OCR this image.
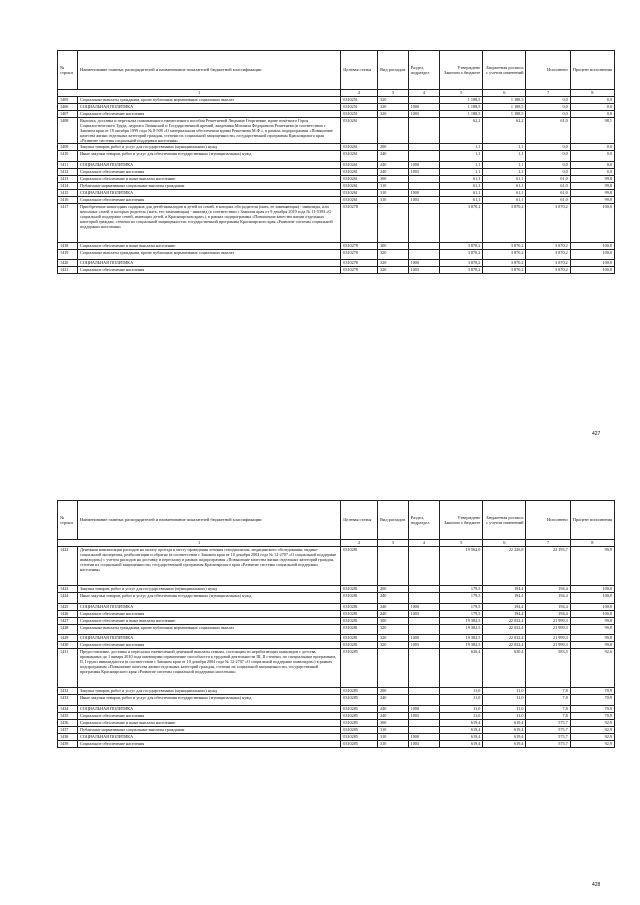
№ строки	Наименование главных распорядителей и наименование показателей бюджетной классификации	Целевая статья	Вид расходов	Раздел, подраздел	Утверждено Законом о бюджете	Бюджетная роспись с учетом изменений	Исполнено	Процент исполнения
1		2	3	4	5	6	7	8
1405	Социальные выплаты гражданам, кроме публичных нормативных социальных выплат	0310251	320		1 188,5	1 188,5	0,0	0,0
1406	СОЦИАЛЬНАЯ ПОЛИТИКА	0310251	320	1000	1 188,5	1 188,5	0,0	0,0
1407	Социальное обеспечение населения	0310251	320	1003	1 188,5	1 188,5	0,0	0,0
1408	Выплата, доставка и пересылка пожизненного ежемесячного пособия Решетневой Людмиле Георгиевне, вдове почётного Героя Социалистического Труда, лауреата Ленинской и Государственной премий, академика Михаила Федоровича Решетнева (в соответствии с Законом края от 18 октября 1999 года № 8-508 «О материальном обеспечении вдовы Решетнева М.Ф.», в рамках подпрограммы «Повышение качества жизни отдельных категорий граждан, степени их социальной защищенности» государственной программы Красноярского края «Развитие системы социальной поддержки населения»	0310261			62,2	62,2	61,0	98,1
1409	Закупка товаров, работ и услуг для государственных (муниципальных) нужд	0310261	200		1,1	1,1	0,0	0,0
1410	Иные закупки товаров, работ и услуг для обеспечения государственных (муниципальных) нужд	0310261	240		1,1	1,1	0,0	0,0
1411	СОЦИАЛЬНАЯ ПОЛИТИКА	0310261	240	1000	1,1	1,1	0,0	0,0
1412	Социальное обеспечение населения	0310261	240	1003	1,1	1,1	0,0	0,0
1413	Социальное обеспечение и иные выплаты населению	0310261	300		61,1	61,1	61,0	99,8
1414	Публичные нормативные социальные выплаты гражданам	0310261	310		61,1	61,1	61,0	99,8
1415	СОЦИАЛЬНАЯ ПОЛИТИКА	0310261	310	1000	61,1	61,1	61,0	99,8
1416	Социальное обеспечение населения	0310261	310	1003	61,1	61,1	61,0	99,8
1417	Приобретение новогодних подарков для детей-инвалидов и детей из семей, в которых оба родителя (мать, ее заменяющая) - инвалиды, или неполных семей, в которых родитель (мать, его заменяющая) - инвалид (в соответствии с Законом края от 9 декабря 2010 года № 11-5393 «О социальной поддержке семей, имеющих детей, в Красноярском крае»), в рамках подпрограммы «Повышение качества жизни отдельных категорий граждан, степени их социальной защищенности» государственной программы Красноярского края «Развитие системы социальной поддержки населения»	0310278			3 870,2	3 870,2	3 870,2	100,0
1418	Социальное обеспечение и иные выплаты населению	0310278	300		3 870,2	3 870,2	3 870,2	100,0
1419	Социальные выплаты гражданам, кроме публичных нормативных социальных выплат	0310278	320		3 870,2	3 870,2	3 870,2	100,0
1420	СОЦИАЛЬНАЯ ПОЛИТИКА	0310278	320	1000	3 870,2	3 870,2	3 870,2	100,0
1421	Социальное обеспечение населения	0310278	320	1003	3 870,2	3 870,2	3 870,2	100,0
427
№ строки	Наименование главных распорядителей и наименование показателей бюджетной классификации	Целевая статья	Вид расходов	Раздел, подраздел	Утверждено Законом о бюджете	Бюджетная роспись с учетом изменений	Исполнено	Процент исполнения
1		2	3	4	5	6	7	8
1422	Денежная компенсация расходов на оплату проезда к месту проведения лечения гемодиализом, медицинского обследования, медико-социальной экспертизы, реабилитации и обратно (в соответствии с Законом края от 10 декабря 2004 года № 12-2707 «О социальной поддержке инвалидов») с учетом расходов на доставку и пересылку в рамках подпрограммы «Повышение качества жизни отдельных категорий граждан, степени их социальной защищенности» государственной программы Красноярского края «Развитие системы социальной поддержки населения»	0310281			19 562,0	22 226,8	22 193,7	99,9
1423	Закупка товаров, работ и услуг для государственных (муниципальных) нужд	0310281	200		179,5	194,4	194,4	100,0
1424	Иные закупки товаров, работ и услуг для обеспечения государственных (муниципальных) нужд	0310281	240		179,5	194,4	194,4	100,0
1425	СОЦИАЛЬНАЯ ПОЛИТИКА	0310281	240	1000	179,5	194,4	194,4	100,0
1426	Социальное обеспечение населения	0310281	240	1003	179,5	194,4	194,4	100,0
1427	Социальное обеспечение и иные выплаты населению	0310281	300		19 382,5	22 032,4	21 999,3	99,8
1428	Социальные выплаты гражданам, кроме публичных нормативных социальных выплат	0310281	320		19 382,5	22 032,4	21 999,3	99,8
1429	СОЦИАЛЬНАЯ ПОЛИТИКА	0310281	320	1000	19 382,5	22 032,4	21 999,3	99,8
1430	Социальное обеспечение населения	0310281	320	1003	19 382,5	22 032,4	21 999,3	99,8
1431	Предоставление, доставка и пересылка ежемесячной денежной выплаты семьям, состоящим из неработающих инвалидов с детства, признанных до 1 января 2010 года имеющими ограничение способности к трудовой деятельности III, II степени, по специальным программам, II, I групп инвалидности (в соответствии с Законом края от 10 декабря 2004 года № 12-2707 «О социальной поддержке инвалидов») в рамках подпрограммы «Повышение качества жизни отдельных категорий граждан, степени их социальной защищенности» государственной программы Красноярского края «Развитие системы социальной поддержки населения»	0310285			630,4	630,4	583,5	92,6
1432	Закупка товаров, работ и услуг для государственных (муниципальных) нужд	0310285	200		11,0	11,0	7,8	70,9
1433	Иные закупки товаров, работ и услуг для обеспечения государственных (муниципальных) нужд	0310285	240		11,0	11,0	7,8	70,9
1434	СОЦИАЛЬНАЯ ПОЛИТИКА	0310285	240	1000	11,0	11,0	7,8	70,9
1435	Социальное обеспечение населения	0310285	240	1003	11,0	11,0	7,8	70,9
1436	Социальное обеспечение и иные выплаты населению	0310285	300		619,4	619,4	575,7	92,9
1437	Публичные нормативные социальные выплаты гражданам	0310285	310		619,4	619,4	575,7	92,9
1438	СОЦИАЛЬНАЯ ПОЛИТИКА	0310285	310	1000	619,4	619,4	575,7	92,9
1439	Социальное обеспечение населения	0310285	310	1003	619,4	619,4	575,7	92,9
428
